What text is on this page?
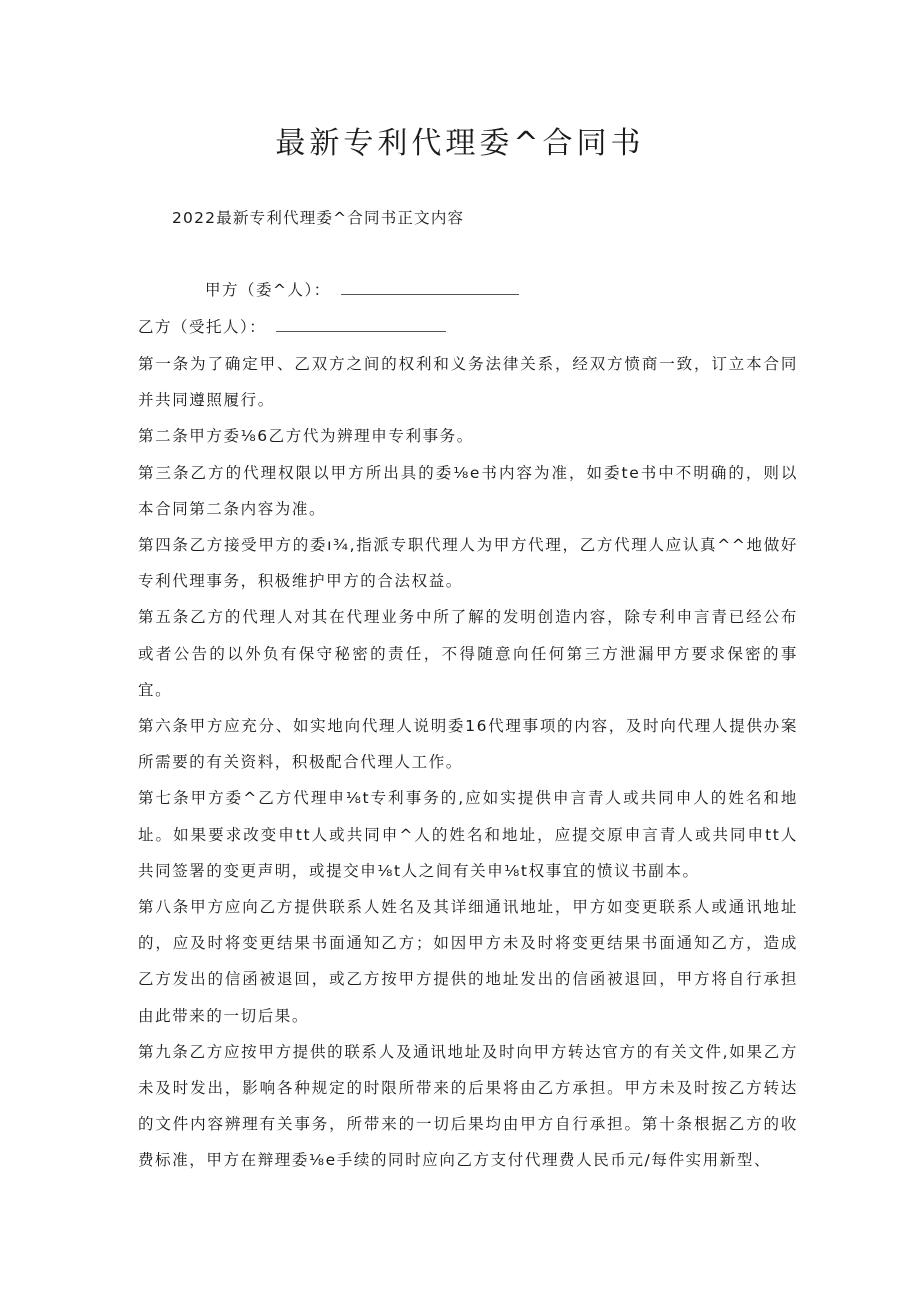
最新专利代理委^合同书

2022最新专利代理委^合同书正文内容

甲方（委^人）：
乙方（受托人）：

第一条为了确定甲、乙双方之间的权利和义务法律关系，经双方愤商一致，订立本合同并共同遵照履行。

第二条甲方委⅛6乙方代为辨理申专利事务。

第三条乙方的代理权限以甲方所出具的委⅛e书内容为准，如委te书中不明确的，则以本合同第二条内容为准。

第四条乙方接受甲方的委ı¾,指派专职代理人为甲方代理，乙方代理人应认真^^地做好专利代理事务，积极维护甲方的合法权益。

第五条乙方的代理人对其在代理业务中所了解的发明创造内容，除专利申言青已经公布或者公告的以外负有保守秘密的责任，不得随意向任何第三方泄漏甲方要求保密的事宜。

第六条甲方应充分、如实地向代理人说明委16代理事项的内容，及时向代理人提供办案所需要的有关资料，积极配合代理人工作。

第七条甲方委^乙方代理申⅛t专利事务的,应如实提供申言青人或共同申人的姓名和地址。如果要求改变申tt人或共同申^人的姓名和地址，应提交原申言青人或共同申tt人共同签署的变更声明，或提交申⅛t人之间有关申⅛t权事宜的愤议书副本。

第八条甲方应向乙方提供联系人姓名及其详细通讯地址，甲方如变更联系人或通讯地址的，应及时将变更结果书面通知乙方；如因甲方未及时将变更结果书面通知乙方，造成乙方发出的信函被退回，或乙方按甲方提供的地址发出的信函被退回，甲方将自行承担由此带来的一切后果。

第九条乙方应按甲方提供的联系人及通讯地址及时向甲方转达官方的有关文件,如果乙方未及时发出，影响各种规定的时限所带来的后果将由乙方承担。甲方未及时按乙方转达的文件内容辨理有关事务，所带来的一切后果均由甲方自行承担。第十条根据乙方的收费标准，甲方在辩理委⅛e手续的同时应向乙方支付代理费人民币元/每件实用新型、
